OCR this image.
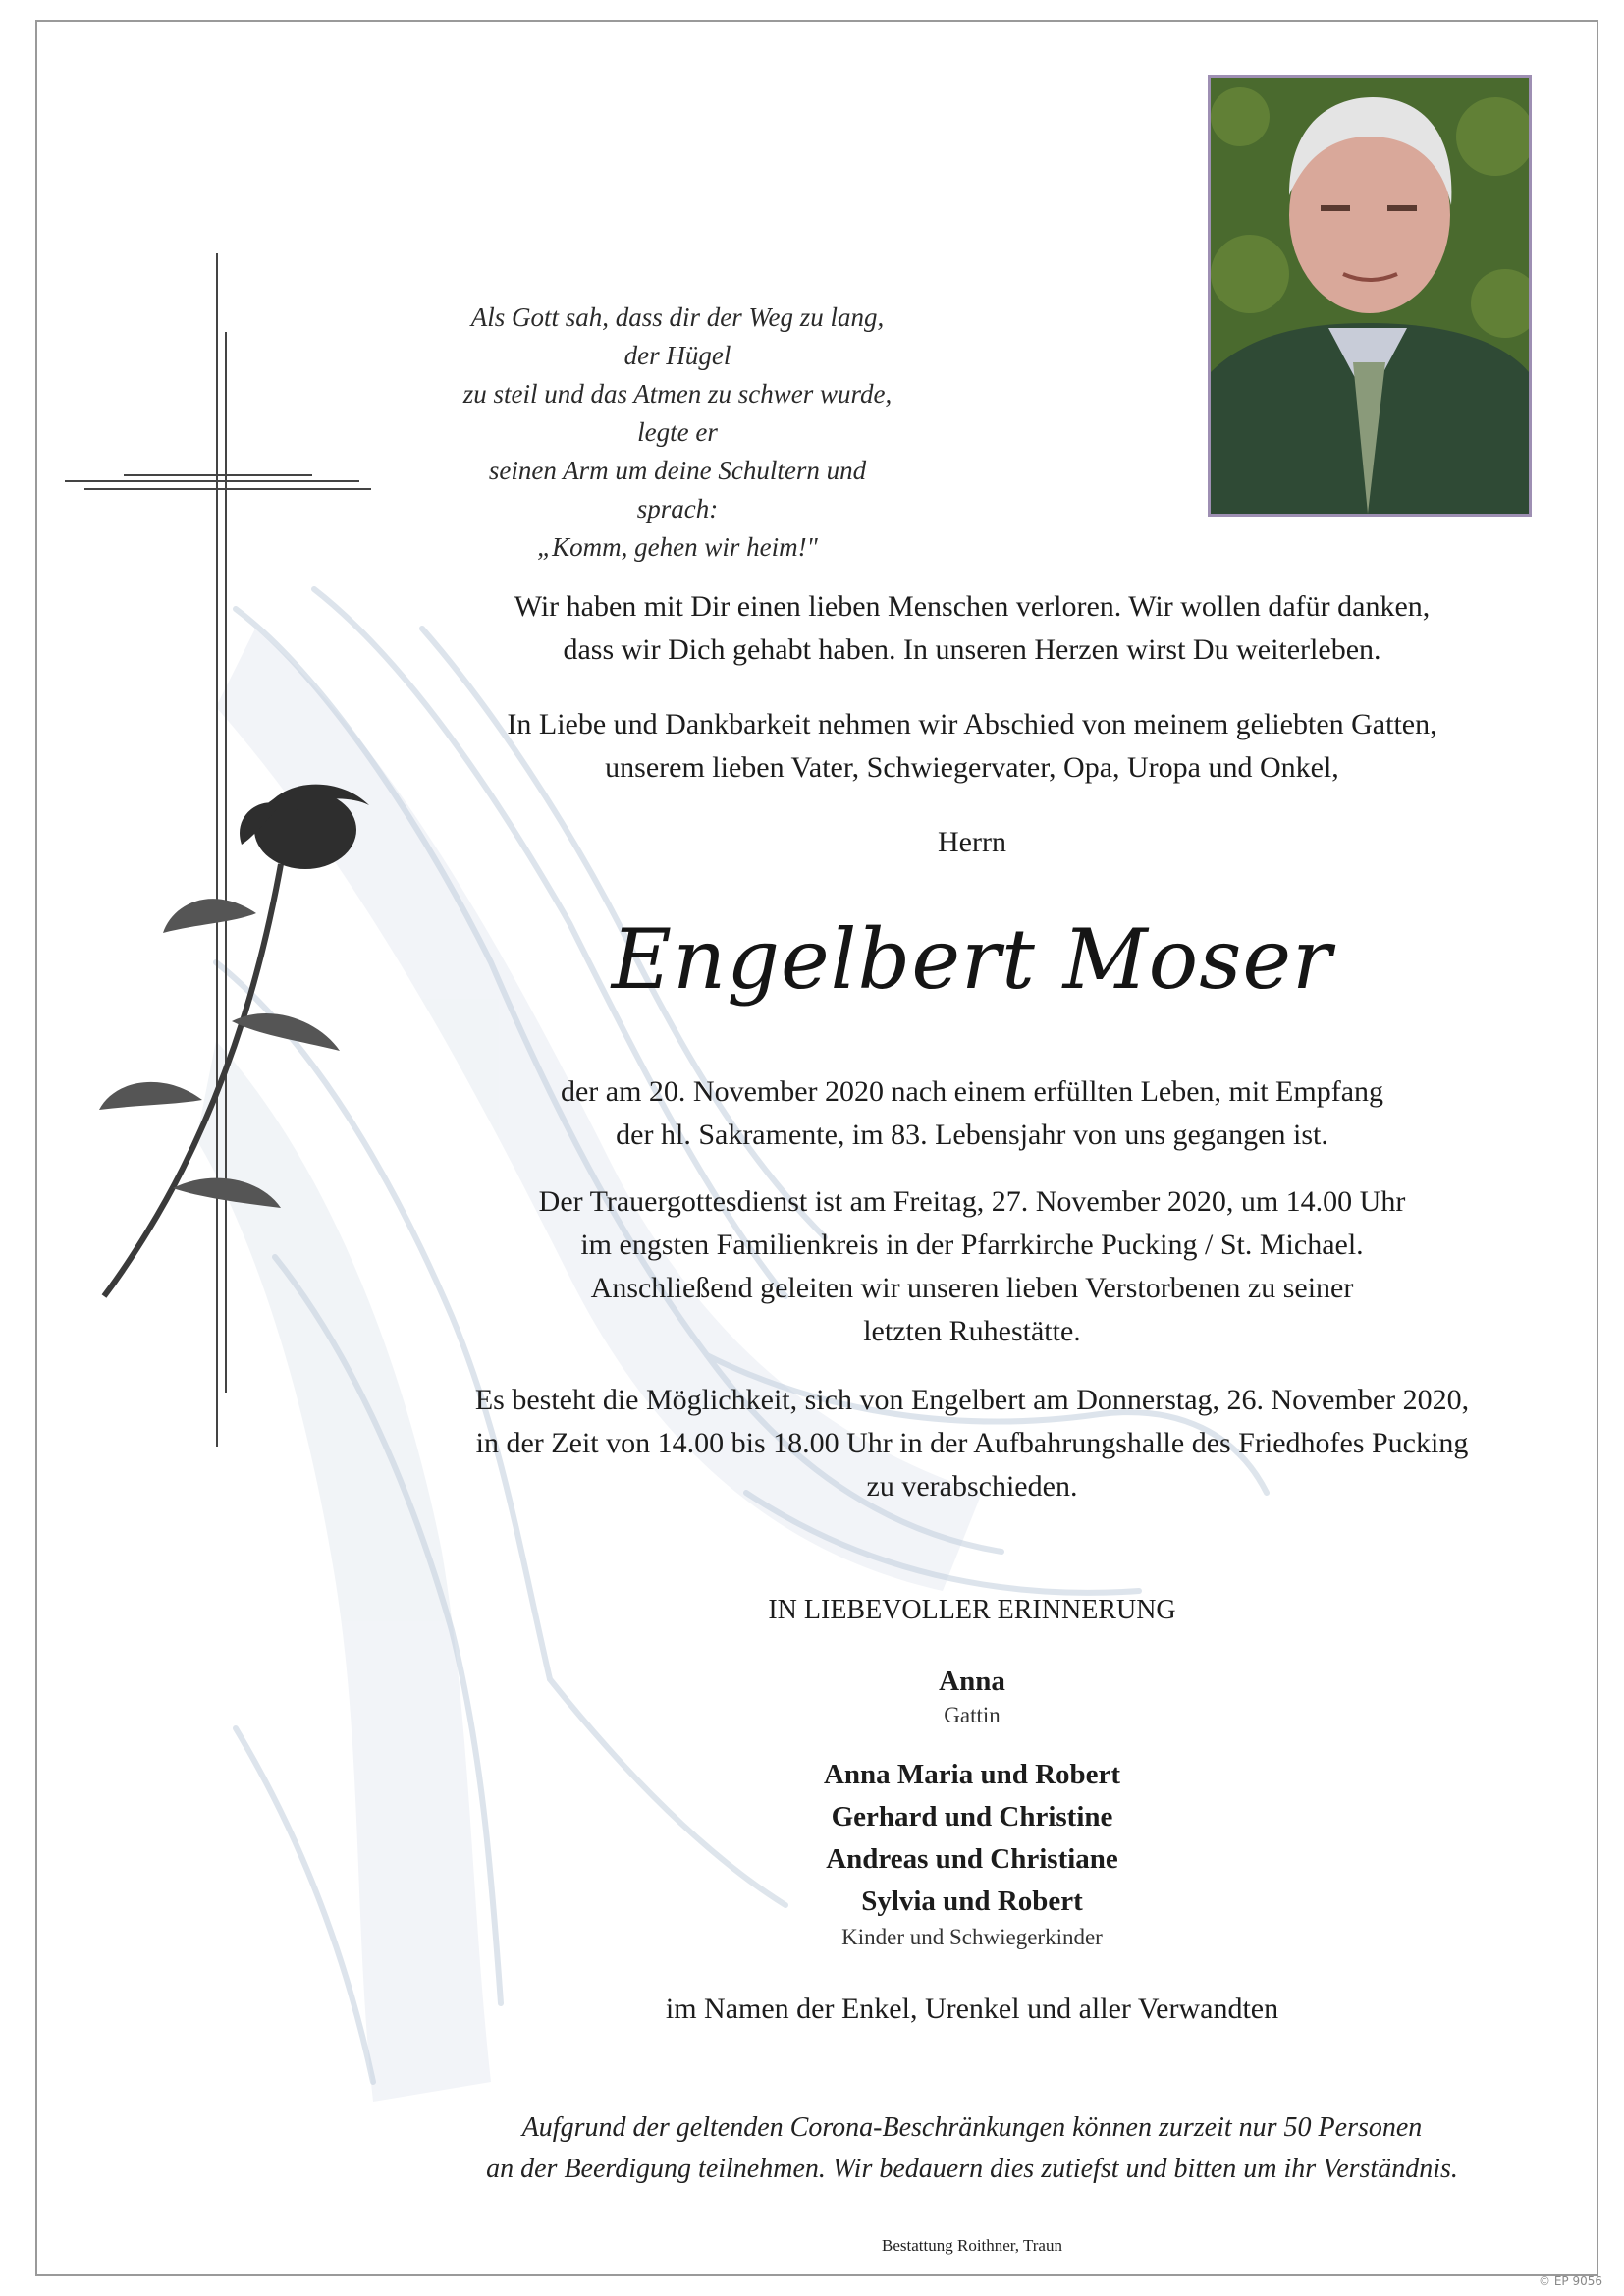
Als Gott sah, dass dir der Weg zu lang, der Hügel
zu steil und das Atmen zu schwer wurde, legte er
seinen Arm um deine Schultern und sprach:
„Komm, gehen wir heim!"

Wir haben mit Dir einen lieben Menschen verloren. Wir wollen dafür danken,

dass wir Dich gehabt haben. In unseren Herzen wirst Du weiterleben.

In Liebe und Dankbarkeit nehmen wir Abschied von meinem geliebten Gatten,

unserem lieben Vater, Schwiegervater, Opa, Uropa und Onkel,

Herrn

Engelbert Moser

der am 20. November 2020 nach einem erfüllten Leben, mit Empfang

der hl. Sakramente, im 83. Lebensjahr von uns gegangen ist.

Der Trauergottesdienst ist am Freitag, 27. November 2020, um 14.00 Uhr

im engsten Familienkreis in der Pfarrkirche Pucking / St. Michael.

Anschließend geleiten wir unseren lieben Verstorbenen zu seiner

letzten Ruhestätte.

Es besteht die Möglichkeit, sich von Engelbert am Donnerstag, 26. November 2020,

in der Zeit von 14.00 bis 18.00 Uhr in der Aufbahrungshalle des Friedhofes Pucking

zu verabschieden.

IN LIEBEVOLLER ERINNERUNG

Anna

Gattin

Anna Maria und Robert

Gerhard und Christine

Andreas und Christiane

Sylvia und Robert

Kinder und Schwiegerkinder

im Namen der Enkel, Urenkel und aller Verwandten

Aufgrund der geltenden Corona-Beschränkungen können zurzeit nur 50 Personen
an der Beerdigung teilnehmen. Wir bedauern dies zutiefst und bitten um ihr Verständnis.
Bestattung Roithner, Traun
© EP 9056
